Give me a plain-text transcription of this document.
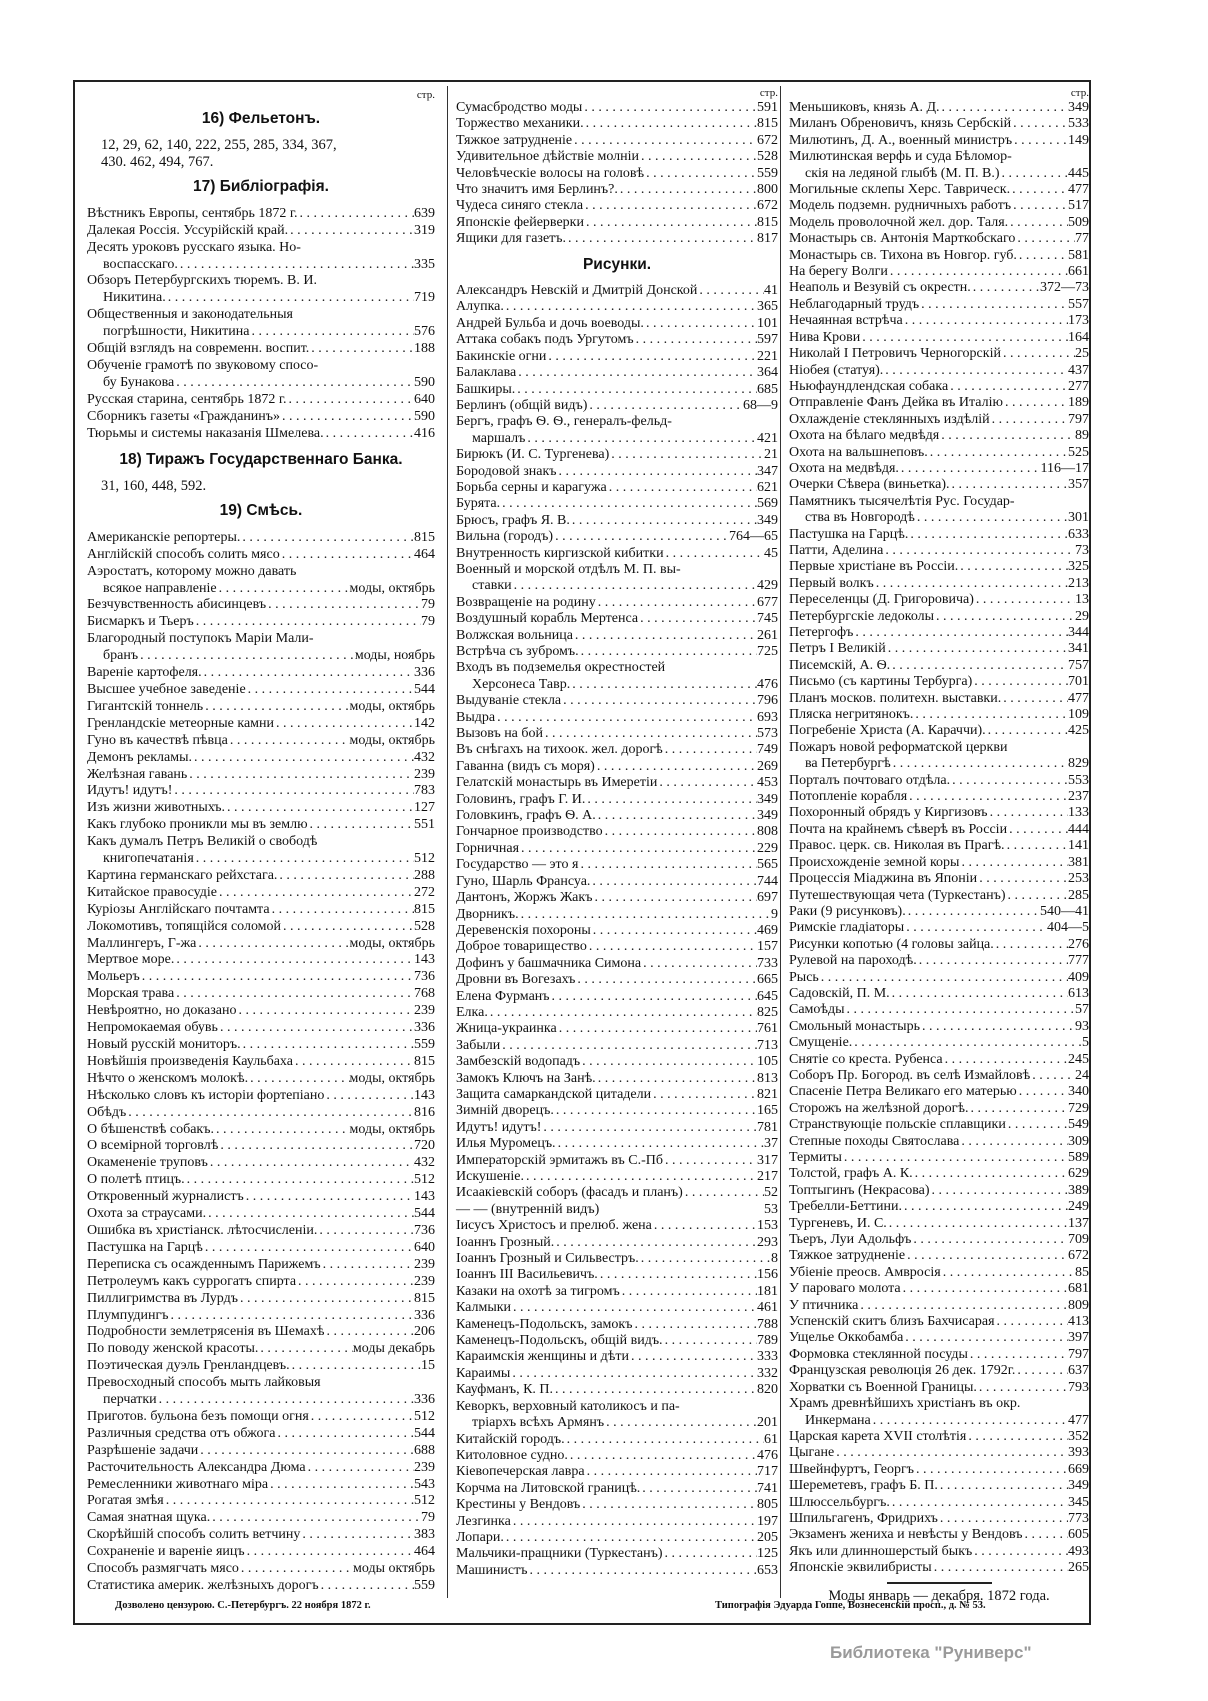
стр.
16) Фельетонъ.
12, 29, 62, 140, 222, 255, 285, 334, 367,
430. 462, 494, 767.
17) Библіографія.
Вѣстникъ Европы, сентябрь 1872 г. . . .	639
Далекая Россія. Уссурійскій край. . . .	319
Десять уроковъ русскаго языка. Но-
воспасскаго. . . .	335
Обзоръ Петербургскихъ тюремъ. В. И.
Никитина. . . .	719
Общественныя и законодательныя
погрѣшности, Никитина . . .	576
Общій взглядъ на современн. воспит. . . .	188
Обученіе грамотѣ по звуковому спосо-
бу Бунакова . . .	590
Русская старина, сентябрь 1872 г. . . .	640
Сборникъ газеты «Гражданинъ» . . .	590
Тюрьмы и системы наказанія Шмелева. . . .	416
18) Тиражъ Государственнаго Банка.
31, 160, 448, 592.
19) Смѣсь.
Американскіе репортеры. . . .	815
Англійскій способъ солить мясо . . .	464
Аэростатъ, которому можно давать
всякое направленіе . . .	моды, октябрь
Безчувственность абисинцевъ . . .	79
Бисмаркъ и Тьеръ . . .	79
Благородный поступокъ Маріи Мали-
бранъ . . .	моды, ноябрь
Вареніе картофеля. . . .	336
Высшее учебное заведеніе . . .	544
Гигантскій тоннель . . .	моды, октябрь
Гренландскіе метеорные камни . . .	142
Гуно въ качествѣ пѣвца . . .	моды, октябрь
Демонъ рекламы. . . .	432
Желѣзная гавань . . .	239
Идутъ! идутъ! . . .	783
Изъ жизни животныхъ. . . .	127
Какъ глубоко проникли мы въ землю . . .	551
Какъ думалъ Петръ Великій о свободѣ
книгопечатанія . . .	512
Картина германскаго рейхстага. . . .	288
Китайское правосудіе . . .	272
Куріозы Англійскаго почтамта . . .	815
Локомотивъ, топящійся соломой . . .	528
Маллингеръ, Г-жа . . .	моды, октябрь
Мертвое море. . . .	143
Мольеръ . . .	736
Морская трава . . .	768
Невѣроятно, но доказано . . .	239
Непромокаемая обувь . . .	336
Новый русскій мониторъ. . . .	559
Новѣйшія произведенія Каульбаха . . .	815
Нѣчто о женскомъ молокѣ. . . .	моды, октябрь
Нѣсколько словъ къ исторіи фортепіано . . .	143
Обѣдъ . . .	816
О бѣшенствѣ собакъ. . . .	моды, октябрь
О всемірной торговлѣ . . .	720
Окамененіе труповъ . . .	432
О полетѣ птицъ. . . .	512
Откровенный журналистъ . . .	143
Охота за страусами. . . .	544
Ошибка въ христіанск. лѣтосчисленіи. . . .	736
Пастушка на Гарцѣ . . .	640
Переписка съ осажденнымъ Парижемъ . . .	239
Петролеумъ какъ суррогатъ спирта . . .	239
Пиллигримства въ Лурдъ . . .	815
Плумпудингъ . . .	336
Подробности землетрясенія въ Шемахѣ . . .	206
По поводу женской красоты. . . .	моды декабрь
Поэтическая дуэль Гренландцевъ. . . .	15
Превосходный способъ мыть лайковыя
перчатки . . .	336
Приготов. бульона безъ помощи огня . . .	512
Различныя средства отъ обжога . . .	544
Разрѣшеніе задачи . . .	688
Расточительность Александра Дюма . . .	239
Ремесленники животнаго міра . . .	543
Рогатая змѣя . . .	512
Самая знатная щука. . . .	79
Скорѣйшій способъ солить ветчину . . .	383
Сохраненіе и вареніе яицъ . . .	464
Способъ размягчать мясо . . .	моды октябрь
Статистика америк. желѣзныхъ дорогъ . . .	559
стр.
Сумасбродство моды . . .	591
Торжество механики. . . .	815
Тяжкое затрудненіе . . .	672
Удивительное дѣйствіе молніи . . .	528
Человѣческіе волосы на головѣ . . .	559
Что значитъ имя Берлинъ?. . . .	800
Чудеса синяго стекла . . .	672
Японскіе фейерверки . . .	815
Ящики для газетъ. . . .	817
Рисунки.
Александръ Невскій и Дмитрій Донской . . .	41
Алупка. . . .	365
Андрей Бульба и дочь воеводы. . . .	101
Аттака собакъ подъ Ургутомъ . . .	597
Бакинскіе огни . . .	221
Балаклава . . .	364
Башкиры. . . .	685
Берлинъ (общій видъ) . . .	68—9
Бергъ, графъ Ѳ. Ѳ., генералъ-фельд-
маршалъ . . .	421
Бирюкъ (И. С. Тургенева) . . .	21
Бородовой знакъ . . .	347
Борьба серны и карагужа . . .	621
Бурята. . . .	569
Брюсъ, графъ Я. В. . . .	349
Вильна (городъ) . . .	764—65
Внутренность киргизской кибитки . . .	45
Военный и морской отдѣлъ М. П. вы-
ставки . . .	429
Возвращеніе на родину . . .	677
Воздушный корабль Мертенса . . .	745
Волжская вольница . . .	261
Встрѣча съ зубромъ. . . .	725
Входъ въ подземелья окрестностей
Херсонеса Тавр. . . .	476
Выдуваніе стекла . . .	796
Выдра . . .	693
Вызовъ на бой . . .	573
Въ снѣгахъ на тихоок. жел. дорогѣ . . .	749
Гаванна (видъ съ моря) . . .	269
Гелатскій монастырь въ Имеретіи . . .	453
Головинъ, графъ Г. И. . . .	349
Головкинъ, графъ Ѳ. А. . . .	349
Гончарное производство . . .	808
Горничная . . .	229
Государство — это я . . .	565
Гуно, Шарль Франсуа. . . .	744
Дантонъ, Жоржъ Жакъ . . .	697
Дворникъ. . . .	9
Деревенскія похороны . . .	469
Доброе товарищество . . .	157
Дофинъ у башмачника Симона . . .	733
Дровни въ Вогезахъ . . .	665
Елена Фурманъ . . .	645
Елка. . . .	825
Жница-украинка . . .	761
Забыли . . .	713
Замбезскій водопадъ . . .	105
Замокъ Ключъ на Занѣ. . . .	813
Защита самаркандской цитадели . . .	821
Зимній дворецъ. . . .	165
Идутъ! идутъ! . . .	781
Илья Муромецъ. . . .	37
Императорскій эрмитажъ въ С.-Пб . . .	317
Искушеніе. . . .	217
Исаакіевскій соборъ (фасадъ и планъ) . . .	52
— — (внутренній видъ)	53
Іисусъ Христосъ и прелюб. жена . . .	153
Іоаннъ Грозный. . . .	293
Іоаннъ Грозный и Сильвестръ. . . .	8
Іоаннъ III Васильевичъ. . . .	156
Казаки на охотѣ за тигромъ . . .	181
Калмыки . . .	461
Каменецъ-Подольскъ, замокъ . . .	788
Каменецъ-Подольскъ, общій видъ. . . .	789
Караимскія женщины и дѣти . . .	333
Караимы . . .	332
Кауфманъ, К. П. . . .	820
Кеворкъ, верховный католикосъ и па-
тріархъ всѣхъ Армянъ . . .	201
Китайскій городъ. . . .	61
Китоловное судно. . . .	476
Кіевопечерская лавра . . .	717
Корчма на Литовской границѣ. . . .	741
Крестины у Вендовъ . . .	805
Лезгинка . . .	197
Лопари. . . .	205
Мальчики-пращники (Туркестанъ) . . .	125
Машинистъ . . .	653
стр.
Меньшиковъ, князь А. Д. . . .	349
Миланъ Обреновичъ, князь Сербскій . . .	533
Милютинъ, Д. А., военный министръ . . .	149
Милютинская верфь и суда Бѣломор-
скія на ледяной глыбѣ (М. П. В.) . . .	445
Могильные склепы Херс. Таврическ. . . .	477
Модель подземн. рудничныхъ работъ . . .	517
Модель проволочной жел. дор. Таля. . . .	509
Монастырь св. Антонія Марткобскаго . . .	77
Монастырь св. Тихона въ Новгор. губ. . . .	581
На берегу Волги . . .	661
Неаполь и Везувій съ окрестн. . . .	372—73
Неблагодарный трудъ . . .	557
Нечаянная встрѣча . . .	173
Нива Крови . . .	164
Николай I Петровичъ Черногорскій . . .	25
Ніобея (статуя). . . .	437
Ньюфаундлендская собака . . .	277
Отправленіе Фанъ Дейка въ Италію . . .	189
Охлажденіе стеклянныхъ издѣлій . . .	797
Охота на бѣлаго медвѣдя . . .	89
Охота на вальшнеповъ. . . .	525
Охота на медвѣдя. . . .	116—17
Очерки Сѣвера (виньетка). . . .	357
Памятникъ тысячелѣтія Рус. Государ-
ства въ Новгородѣ . . .	301
Пастушка на Гарцѣ. . . .	633
Патти, Аделина . . .	73
Первые христіане въ Россіи. . . .	325
Первый волкъ . . .	213
Переселенцы (Д. Григоровича) . . .	13
Петербургскіе ледоколы . . .	29
Петергофъ . . .	344
Петръ I Великій . . .	341
Писемскій, А. Ѳ. . . .	757
Письмо (съ картины Тербурга) . . .	701
Планъ москов. политехн. выставки. . . .	477
Пляска негритянокъ. . . .	109
Погребеніе Христа (А. Караччи). . . .	425
Пожаръ новой реформатской церкви
ва Петербургѣ . . .	829
Порталъ почтоваго отдѣла. . . .	553
Потопленіе корабля . . .	237
Похоронный обрядъ у Киргизовъ . . .	133
Почта на крайнемъ сѣверѣ въ Россіи . . .	444
Правос. церк. св. Николая въ Прагѣ. . . .	141
Происхожденіе земной коры . . .	381
Процессія Міаджина въ Японіи . . .	253
Путешествующая чета (Туркестанъ) . . .	285
Раки (9 рисунковъ). . . .	540—41
Римскіе гладіаторы . . .	404—5
Рисунки копотью (4 головы зайца. . . .	276
Рулевой на пароходѣ. . . .	777
Рысь . . .	409
Садовскій, П. М. . . .	613
Самоѣды . . .	57
Смольный монастырь . . .	93
Смущеніе. . . .	5
Снятіе со креста. Рубенса . . .	245
Соборъ Пр. Богород. въ селѣ Измайловѣ . . .	24
Спасеніе Петра Великаго его матерью . . .	340
Сторожъ на желѣзной дорогѣ. . . .	729
Странствующіе польскіе сплавщики . . .	549
Степные походы Святослава . . .	309
Термиты . . .	589
Толстой, графъ А. К. . . .	629
Топтыгинъ (Некрасова) . . .	389
Требелли-Беттини. . . .	249
Тургеневъ, И. С. . . .	137
Тьеръ, Луи Адольфъ . . .	709
Тяжкое затрудненіе . . .	672
Убіеніе преосв. Амвросія . . .	85
У пароваго молота . . .	681
У птичника . . .	809
Успенскій скитъ близъ Бахчисарая . . .	413
Ущелье Оккобамба . . .	397
Формовка стеклянной посуды . . .	797
Французская революція 26 дек. 1792г. . . .	637
Хорватки съ Военной Границы. . . .	793
Храмъ древнѣйшихъ христіанъ въ окр.
Инкермана . . .	477
Царская карета XVII столѣтія . . .	352
Цыгане . . .	393
Швейнфуртъ, Георгъ . . .	669
Шереметевъ, графъ Б. П. . . .	349
Шлюссельбургъ. . . .	345
Шпильгагенъ, Фридрихъ . . .	773
Экзаменъ жениха и невѣсты у Вендовъ . . .	605
Якъ или длинношерстый быкъ . . .	493
Японскіе эквилибристы . . .	265
Моды январь — декабря. 1872 года.
Дозволено цензурою. С.-Петербургъ. 22 ноября 1872 г.	Типографія Эдуарда Гоппе, Вознесенскій просп., д. № 53.
Библиотека "Руниверс"
